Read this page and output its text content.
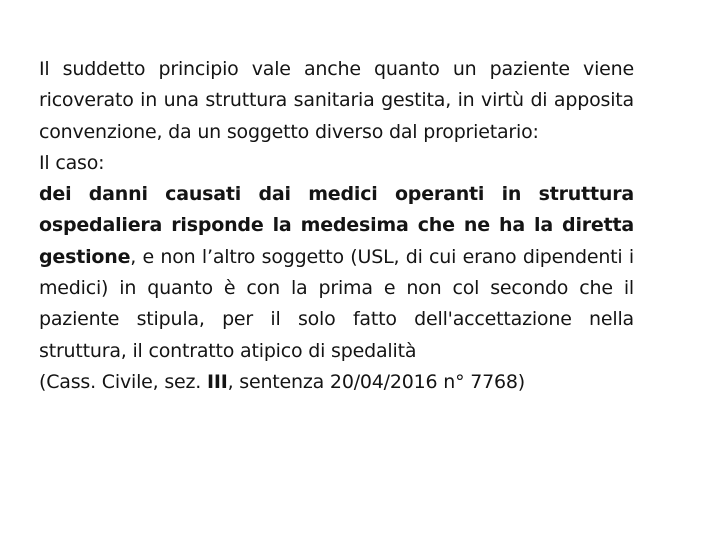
Il suddetto principio vale anche quanto un paziente viene ricoverato in una struttura sanitaria gestita, in virtù di apposita convenzione, da un soggetto diverso dal proprietario:

Il caso:

dei danni causati dai medici operanti in struttura ospedaliera risponde la medesima che ne ha la diretta gestione, e non l’altro soggetto (USL, di cui erano dipendenti i medici) in quanto è con la prima e non col secondo che il paziente stipula, per il solo fatto dell'accettazione nella struttura, il contratto atipico di spedalità

(Cass. Civile, sez. III, sentenza 20/04/2016 n° 7768)
